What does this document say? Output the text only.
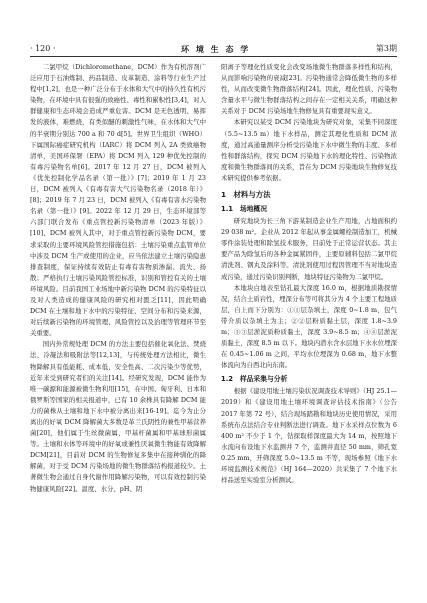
· 120 ·	环 境 生 态 学	第3期

二氯甲烷（Dichloromethane，DCM）作为有机溶剂广泛应用于石油炼制、药品制造、皮革制造、涂料等行业生产过程中[1,2]，也是一种广泛分布于水体和大气中的持久性有机污染物，在环境中具有很强的致癌性、毒性和累积性[3,4]，对人群健康和生态环境会造成严重危害。DCM 是无色透明、易挥发的液体，难燃烧，有类似醚的刺激性气味，在水体和大气中的半衰期分别达 700 a 和 70 d[5]。世界卫生组织（WHO）下属国际癌症研究机构（IARC）将 DCM 列入 2A 类致癌物清单，美国环保署（EPA）将 DCM 列入 129 种优先控制的有毒污染物名单[6]。2017 年 12 月 27 日，DCM 被列入《优先控制化学品名录（第一批）》[7]；2019 年 1 月 23 日，DCM 被列入《有毒有害大气污染物名录（2018 年）》[8]；2019 年 7 月 23 日，DCM 被列入《有毒有害水污染物名录（第一批）》[9]。2022 年 12 月 29 日，生态环境部等六部门联合发布《重点管控新污染物清单（2023 年版）》[10]，DCM 被列入其中，对于重点管控新污染物 DCM，要求采取的主要环境风险管控措施包括：土壤污染重点监管单位中涉及 DCM 生产或使用的企业，应当依法建立土壤污染隐患排查制度，保证持续有效防止有毒有害物质渗漏、流失、扬散；严格执行土壤污染风险管控标准，识别和管控有关的土壤环境风险。目前我国工业场地中新污染物 DCM 的污染特征以及对人类造成的健康风险的研究相对匮乏[11]，因此明确 DCM 在土壤和地下水中的污染特征、空间分布和污染来源，对后续新污染物的环境管理、风险管控以及治理等管理环节至关重要。

国内外常规处理 DCM 的方法主要包括催化氧化法、焚烧法、冷凝法和吸附法等[12,13]，与传统处理方法相比，微生物降解具有低能耗、成本低、安全性高、二次污染少等优势，近年来受到研究者们的关注[14]。经研究发现，DCM 能作为唯一碳源和能源被微生物利用[15]，在中国、匈牙利、日本和俄罗斯等国家的相关报道中，已有 10 余株具有降解 DCM 能力的菌株从土壤和地下水中被分离出来[16-19]。迄今为止分离出的好氧 DCM 降解菌大多数是革兰氏阴性的兼性甲基营养菌[20]，他们属于生丝微菌属、甲基杆菌属和甲基球形菌属等。土壤和水体等环境中的好氧或兼性厌氧微生物能有效降解 DCM[21]，目前对 DCM 的生物修复多集中在接种驯化的降解菌，对于受 DCM 污染场地的微生物群落结构报道较少。土著微生物会通过自身代谢作用降解污染物，可以有效控制污染物健康风险[22]。温度、水分、pH、阴

阳离子等理化性质变化会改变场地微生物群落多样性和结构，从而影响污染物的衰减[23]。污染物通常会降低微生物的多样性，从而改变微生物群落结构[24]。因此，理化性质、污染物含量水平与微生物群落结构之间存在一定相关关系，明确这种关系对于 DCM 污染场地生物修复具有重要现实意义。

本研究以某受 DCM 污染地块为研究对象，采集不同深度（5.5~13.5 m）地下水样品，测定其理化性质和 DCM 浓度，通过高通量测序分析受污染地下水中微生物的丰度、多样性和群落结构，探究 DCM 污染地下水的理化特性、污染物浓度和微生物群落间的关系，旨在为 DCM 污染地块生物修复技术研究提供参考依据。

1　材料与方法
1.1　场地概况

研究地块为长三角下游某制造企业生产用地，占地面积约 29 038 m²。企业从 2012 年起从事金属螺栓制造加工，机械零件涂装处理和除氢技术服务，目前处于正常运营状态。其主要产品为除氢后的各种金属紧固件，主要原辅料包括二氯甲烷清洗剂、钢丸及涂料等。清洗剂使用过程因管理不当对地块造成污染，通过污染识别判断，地块特征污染物为二氯甲烷。

本地块白地表至钻孔最大深度 16.0 m，根据地质勘探情况，结合土质岩性，埋深分布等可将其分为 4 个主要工程地质层，自上而下分别为：①①层杂填土，深度 0~1.8 m，包气带介质以杂填土为主；②②层粉质黏土层，深度 1.8~3.9 m；③③层淤泥质粉质黏土，深度 3.9~8.5 m；④④层淤泥质黏土，深度 8.5 m 以下。地块内潜水含水层地下水水位埋深在 0.45~1.06 m 之间，平均水位埋深为 0.68 m，地下水整体流向为自西北向东南。

1.2　样品采集与分析

根据《建设用地土壤污染状况调查技术导则》（HJ 25.1—2019）和《建设用地土壤环境调查评估技术指南》（公告 2017 年第 72 号），结合现场踏勘和地块历史使用情况，采用系统布点法结合专业判断法进行调查。地下水采样点位数为 6 400 m² 不少于 1 个，钻探取样深度最大为 14 m，按照地下水流向布设地下水监测井 7 个，监测井直径 50 mm，筛孔宽 0.25 mm，开筛深度 5.0~13.5 m 不等，现场参照《地下水环境监测技术规范》（HJ 164—2020）共采集了 7 个地下水样品送至实验室分析测试。
